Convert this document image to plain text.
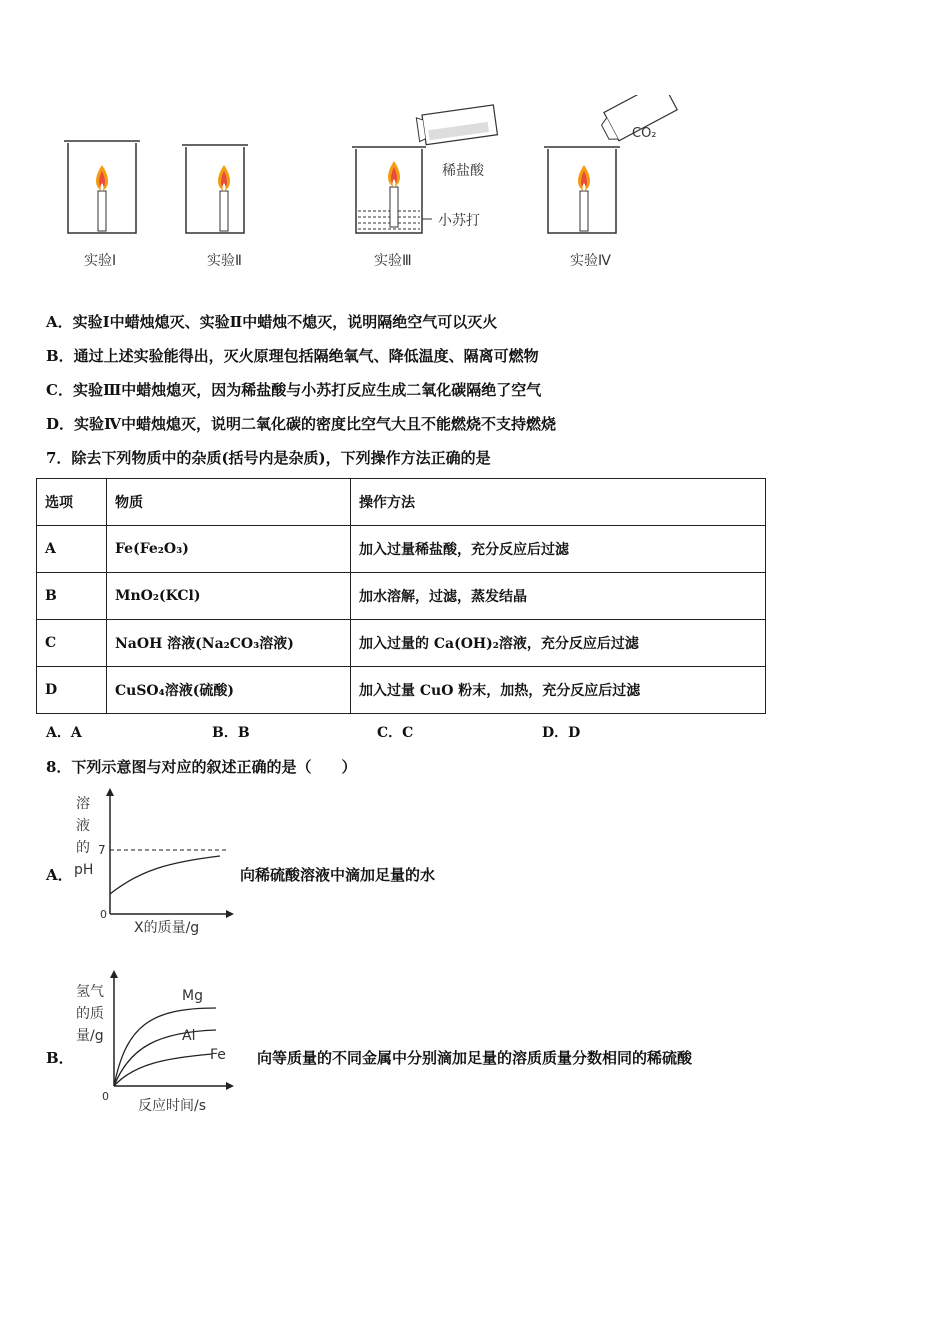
稀盐酸
小苏打
CO₂
实验Ⅰ	实验Ⅱ	实验Ⅲ	实验Ⅳ
A．实验Ⅰ中蜡烛熄灭、实验Ⅱ中蜡烛不熄灭，说明隔绝空气可以灭火
B．通过上述实验能得出，灭火原理包括隔绝氧气、降低温度、隔离可燃物
C．实验Ⅲ中蜡烛熄灭，因为稀盐酸与小苏打反应生成二氧化碳隔绝了空气
D．实验Ⅳ中蜡烛熄灭，说明二氧化碳的密度比空气大且不能燃烧不支持燃烧
7．除去下列物质中的杂质(括号内是杂质)，下列操作方法正确的是
选项	物质	操作方法
A	Fe(Fe₂O₃)	加入过量稀盐酸，充分反应后过滤
B	MnO₂(KCl)	加水溶解，过滤，蒸发结晶
C	NaOH 溶液(Na₂CO₃溶液)	加入过量的 Ca(OH)₂溶液，充分反应后过滤
D	CuSO₄溶液(硫酸)	加入过量 CuO 粉末，加热，充分反应后过滤
A．A	B．B	C．C	D．D
8．下列示意图与对应的叙述正确的是（　　）
A．
溶
液
的
pH
7
0
X的质量/g
向稀硫酸溶液中滴加足量的水
B．
氢气
的质
量/g
Mg
Al
Fe
0
反应时间/s
向等质量的不同金属中分别滴加足量的溶质质量分数相同的稀硫酸
